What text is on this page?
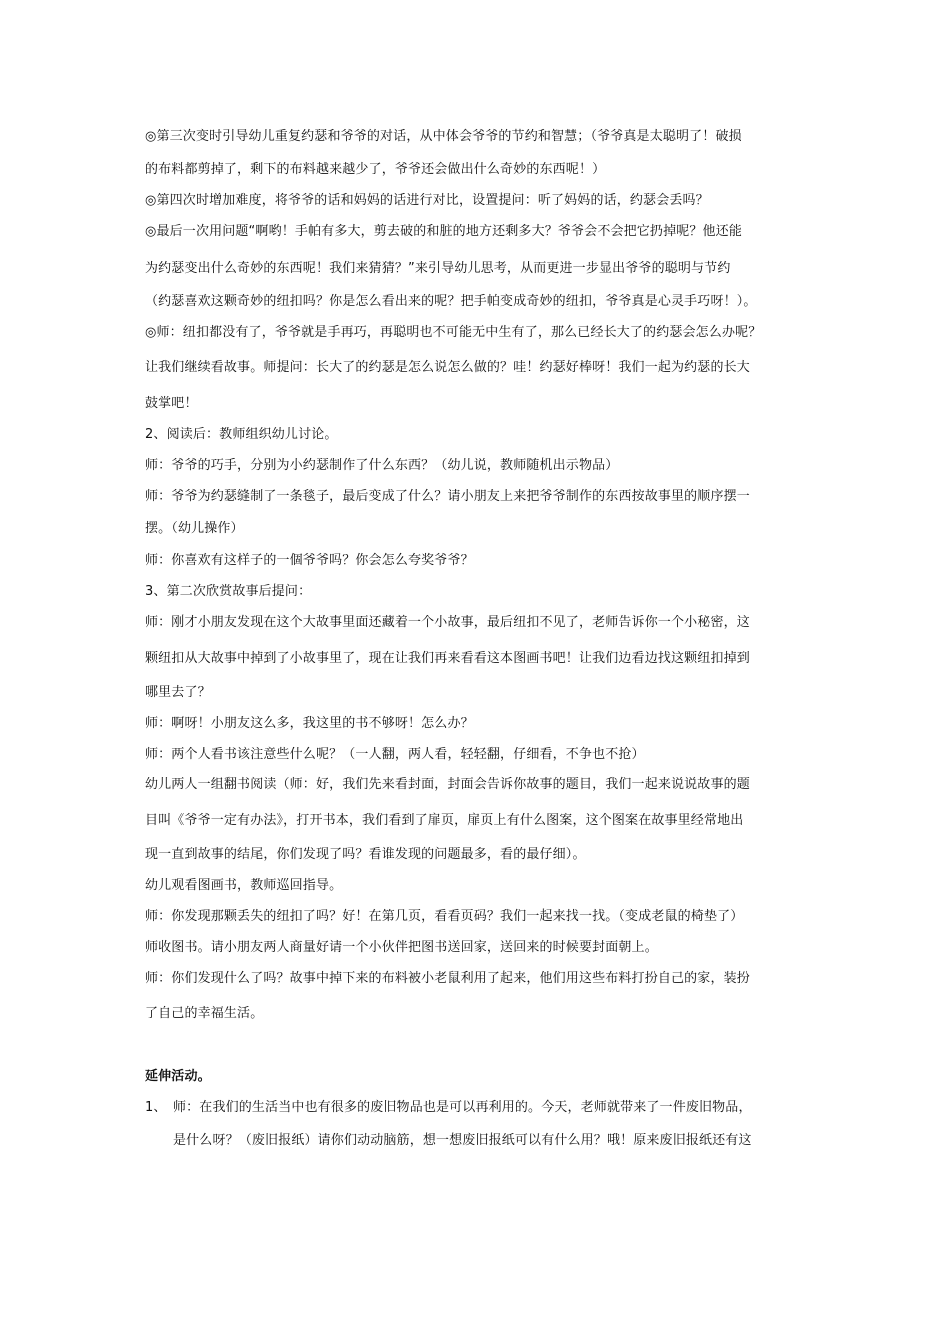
◎第三次变时引导幼儿重复约瑟和爷爷的对话，从中体会爷爷的节约和智慧；（爷爷真是太聪明了！破损
的布料都剪掉了，剩下的布料越来越少了，爷爷还会做出什么奇妙的东西呢！）
◎第四次时增加难度，将爷爷的话和妈妈的话进行对比，设置提问：听了妈妈的话，约瑟会丢吗？
◎最后一次用问题“啊哟！手帕有多大，剪去破的和脏的地方还剩多大？爷爷会不会把它扔掉呢？他还能
为约瑟变出什么奇妙的东西呢！我们来猜猜？”来引导幼儿思考，从而更进一步显出爷爷的聪明与节约
（约瑟喜欢这颗奇妙的纽扣吗？你是怎么看出来的呢？把手帕变成奇妙的纽扣，爷爷真是心灵手巧呀！）。
◎师：纽扣都没有了，爷爷就是手再巧，再聪明也不可能无中生有了，那么已经长大了的约瑟会怎么办呢？
让我们继续看故事。师提问：长大了的约瑟是怎么说怎么做的？哇！约瑟好棒呀！我们一起为约瑟的长大
鼓掌吧！
2、阅读后：教师组织幼儿讨论。
师：爷爷的巧手，分别为小约瑟制作了什么东西？（幼儿说，教师随机出示物品）
师：爷爷为约瑟缝制了一条毯子，最后变成了什么？请小朋友上来把爷爷制作的东西按故事里的顺序摆一
摆。（幼儿操作）
师：你喜欢有这样子的一個爷爷吗？你会怎么夸奖爷爷？
3、第二次欣赏故事后提问：
师：刚才小朋友发现在这个大故事里面还藏着一个小故事，最后纽扣不见了，老师告诉你一个小秘密，这
颗纽扣从大故事中掉到了小故事里了，现在让我们再来看看这本图画书吧！让我们边看边找这颗纽扣掉到
哪里去了？
师：啊呀！小朋友这么多，我这里的书不够呀！怎么办？
师：两个人看书该注意些什么呢？（一人翻，两人看，轻轻翻，仔细看，不争也不抢）
幼儿两人一组翻书阅读（师：好，我们先来看封面，封面会告诉你故事的题目，我们一起来说说故事的题
目叫《爷爷一定有办法》，打开书本，我们看到了扉页，扉页上有什么图案，这个图案在故事里经常地出
现一直到故事的结尾，你们发现了吗？看谁发现的问题最多，看的最仔细）。
幼儿观看图画书，教师巡回指导。
师：你发现那颗丢失的纽扣了吗？好！在第几页，看看页码？我们一起来找一找。（变成老鼠的椅垫了）
师收图书。请小朋友两人商量好请一个小伙伴把图书送回家，送回来的时候要封面朝上。
师：你们发现什么了吗？故事中掉下来的布料被小老鼠利用了起来，他们用这些布料打扮自己的家，装扮
了自己的幸福生活。
延伸活动。
1、 师：在我们的生活当中也有很多的废旧物品也是可以再利用的。今天，老师就带来了一件废旧物品，
是什么呀？（废旧报纸）请你们动动脑筋，想一想废旧报纸可以有什么用？哦！原来废旧报纸还有这
